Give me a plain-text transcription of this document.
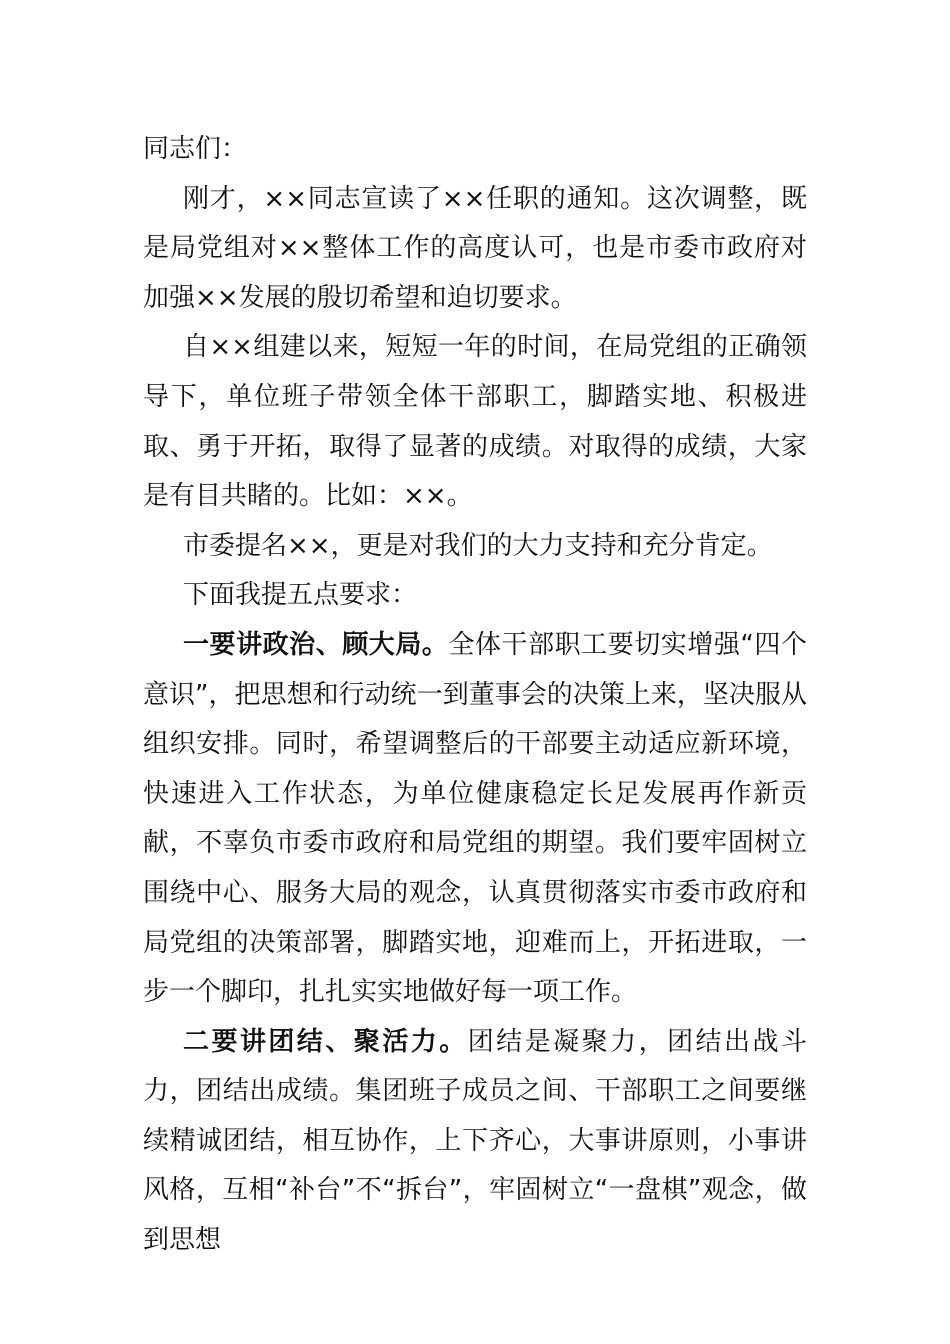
同志们：

刚才，××同志宣读了××任职的通知。这次调整，既是局党组对××整体工作的高度认可，也是市委市政府对加强××发展的殷切希望和迫切要求。

自××组建以来，短短一年的时间，在局党组的正确领导下，单位班子带领全体干部职工，脚踏实地、积极进取、勇于开拓，取得了显著的成绩。对取得的成绩，大家是有目共睹的。比如：××。

市委提名××，更是对我们的大力支持和充分肯定。

下面我提五点要求：

一要讲政治、顾大局。全体干部职工要切实增强“四个意识”，把思想和行动统一到董事会的决策上来，坚决服从组织安排。同时，希望调整后的干部要主动适应新环境，快速进入工作状态，为单位健康稳定长足发展再作新贡献，不辜负市委市政府和局党组的期望。我们要牢固树立围绕中心、服务大局的观念，认真贯彻落实市委市政府和局党组的决策部署，脚踏实地，迎难而上，开拓进取，一步一个脚印，扎扎实实地做好每一项工作。

二要讲团结、聚活力。团结是凝聚力，团结出战斗力，团结出成绩。集团班子成员之间、干部职工之间要继续精诚团结，相互协作，上下齐心，大事讲原则，小事讲风格，互相“补台”不“拆台”，牢固树立“一盘棋”观念，做到思想
